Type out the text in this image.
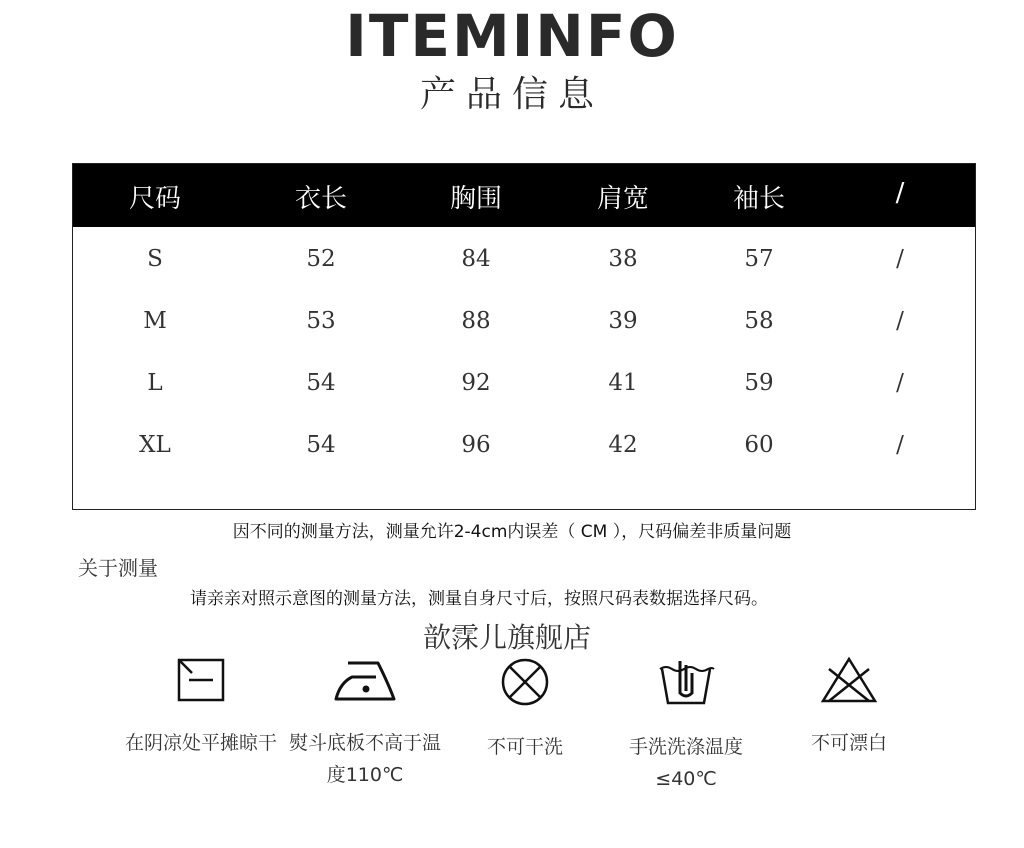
ITEMINFO
产品信息
尺码	衣长	胸围	肩宽	袖长	/
S	52	84	38	57	/
M	53	88	39	58	/
L	54	92	41	59	/
XL	54	96	42	60	/
因不同的测量方法，测量允许2-4cm内误差（ CM ），尺码偏差非质量问题
关于测量
请亲亲对照示意图的测量方法，测量自身尺寸后，按照尺码表数据选择尺码。
歆霂儿旗舰店
在阴凉处平摊晾干 熨斗底板不高于温度110℃
不可干洗	手洗洗涤温度≤40℃
不可漂白
